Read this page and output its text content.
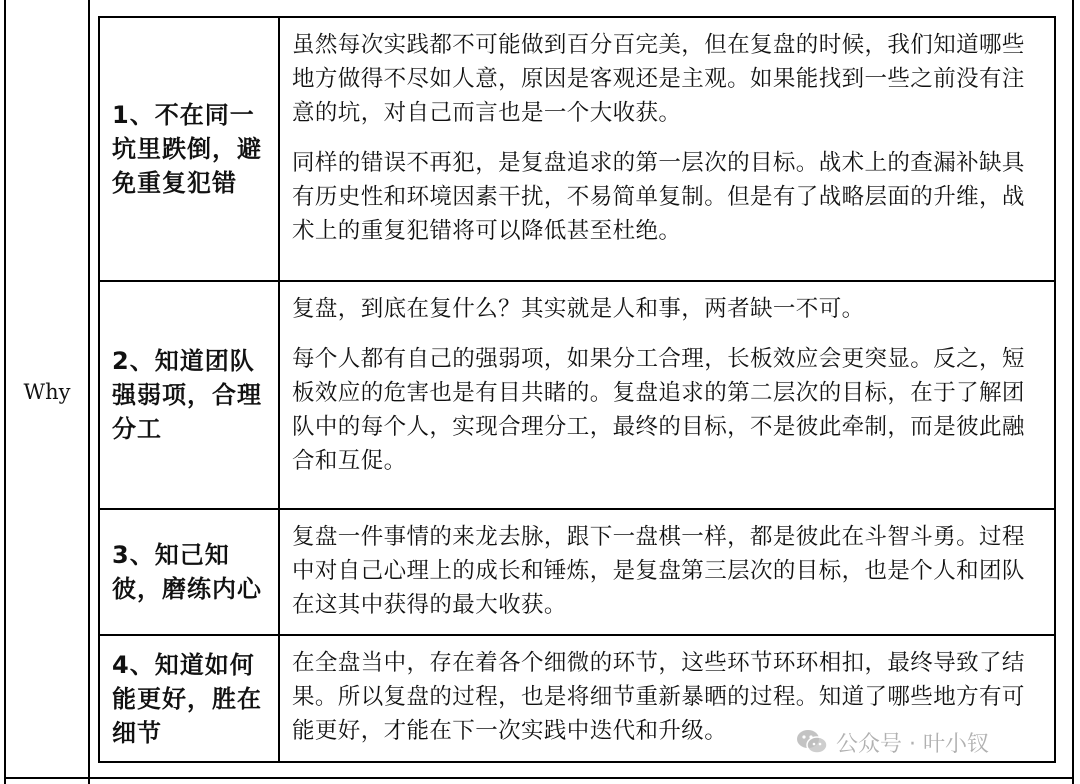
Why
1、不在同一坑里跌倒，避免重复犯错

虽然每次实践都不可能做到百分百完美，但在复盘的时候，我们知道哪些地方做得不尽如人意，原因是客观还是主观。如果能找到一些之前没有注意的坑，对自己而言也是一个大收获。

同样的错误不再犯，是复盘追求的第一层次的目标。战术上的查漏补缺具有历史性和环境因素干扰，不易简单复制。但是有了战略层面的升维，战术上的重复犯错将可以降低甚至杜绝。

2、知道团队强弱项，合理分工

复盘，到底在复什么？其实就是人和事，两者缺一不可。

每个人都有自己的强弱项，如果分工合理，长板效应会更突显。反之，短板效应的危害也是有目共睹的。复盘追求的第二层次的目标，在于了解团队中的每个人，实现合理分工，最终的目标，不是彼此牵制，而是彼此融合和互促。

3、知己知彼，磨练内心

复盘一件事情的来龙去脉，跟下一盘棋一样，都是彼此在斗智斗勇。过程中对自己心理上的成长和锤炼，是复盘第三层次的目标，也是个人和团队在这其中获得的最大收获。

4、知道如何能更好，胜在细节

在全盘当中，存在着各个细微的环节，这些环节环环相扣，最终导致了结果。所以复盘的过程，也是将细节重新暴晒的过程。知道了哪些地方有可能更好，才能在下一次实践中迭代和升级。	公众号 · 叶小钗
